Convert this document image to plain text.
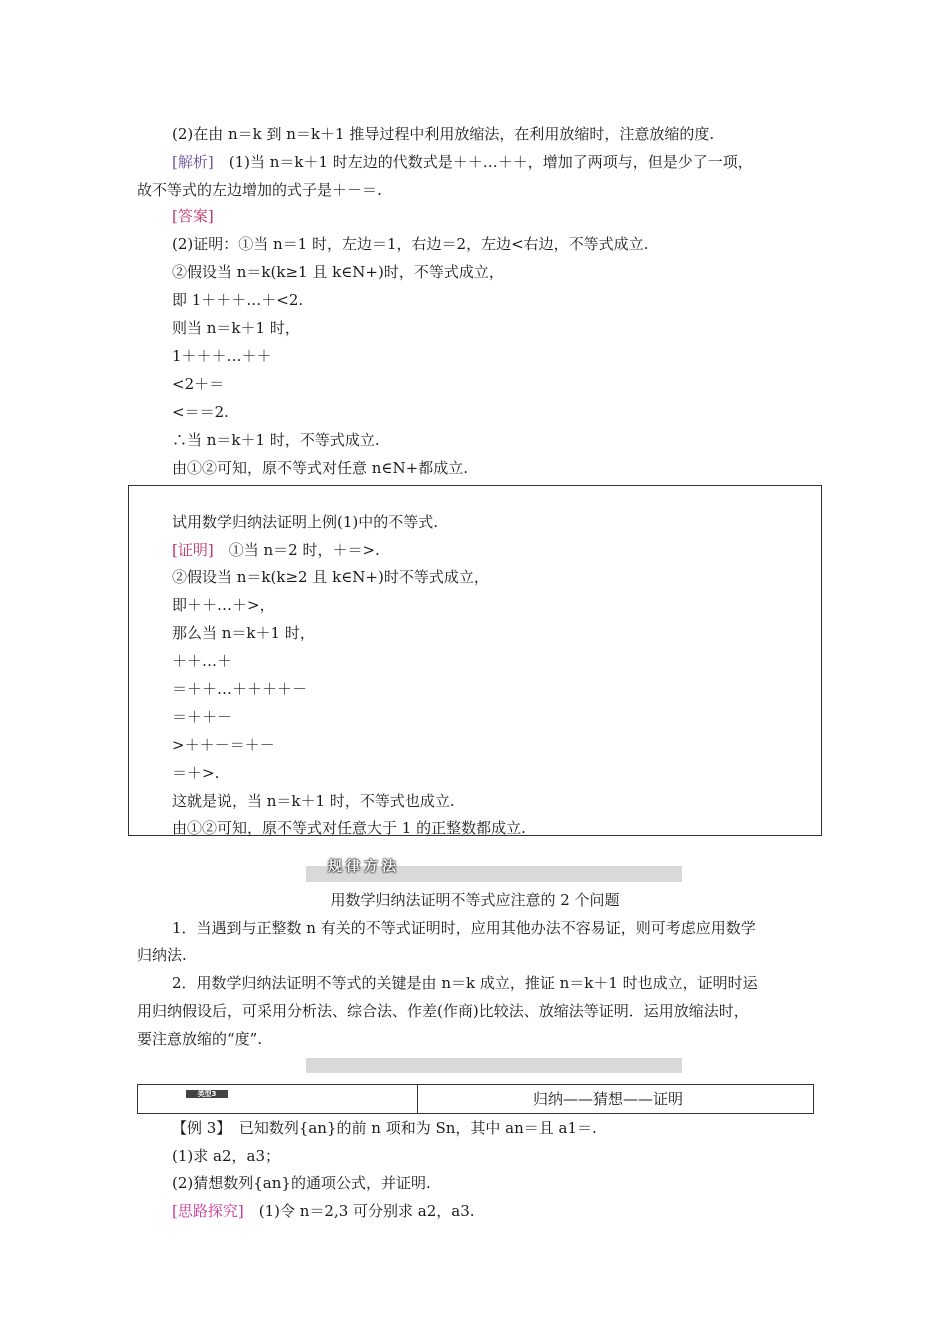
(2)在由 n＝k 到 n＝k＋1 推导过程中利用放缩法，在利用放缩时，注意放缩的度.
[解析]　(1)当 n＝k＋1 时左边的代数式是＋＋…＋＋，增加了两项与，但是少了一项，
故不等式的左边增加的式子是＋－＝.
[答案]
(2)证明：①当 n＝1 时，左边＝1，右边＝2，左边<右边，不等式成立.
②假设当 n＝k(k≥1 且 k∈N+)时，不等式成立，
即 1＋＋＋…＋<2.
则当 n＝k＋1 时，
1＋＋＋…＋＋
<2＋＝
<＝＝2.
∴当 n＝k＋1 时，不等式成立.
由①②可知，原不等式对任意 n∈N+都成立.
试用数学归纳法证明上例(1)中的不等式.
[证明]　①当 n＝2 时，＋＝>.
②假设当 n＝k(k≥2 且 k∈N+)时不等式成立，
即＋＋…＋>，
那么当 n＝k＋1 时，
＋＋…＋
＝＋＋…＋＋＋＋－
＝＋＋－
>＋＋－＝＋－
＝＋>.
这就是说，当 n＝k＋1 时，不等式也成立.
由①②可知，原不等式对任意大于 1 的正整数都成立.
规律方法
用数学归纳法证明不等式应注意的 2 个问题
1．当遇到与正整数 n 有关的不等式证明时，应用其他办法不容易证，则可考虑应用数学
归纳法.
2．用数学归纳法证明不等式的关键是由 n＝k 成立，推证 n＝k＋1 时也成立，证明时运
用归纳假设后，可采用分析法、综合法、作差(作商)比较法、放缩法等证明．运用放缩法时，
要注意放缩的“度”.
类型3	归纳——猜想——证明
【例 3】　已知数列{an}的前 n 项和为 Sn，其中 an＝且 a1＝.
(1)求 a2，a3；
(2)猜想数列{an}的通项公式，并证明.
[思路探究]　(1)令 n＝2,3 可分别求 a2，a3.
